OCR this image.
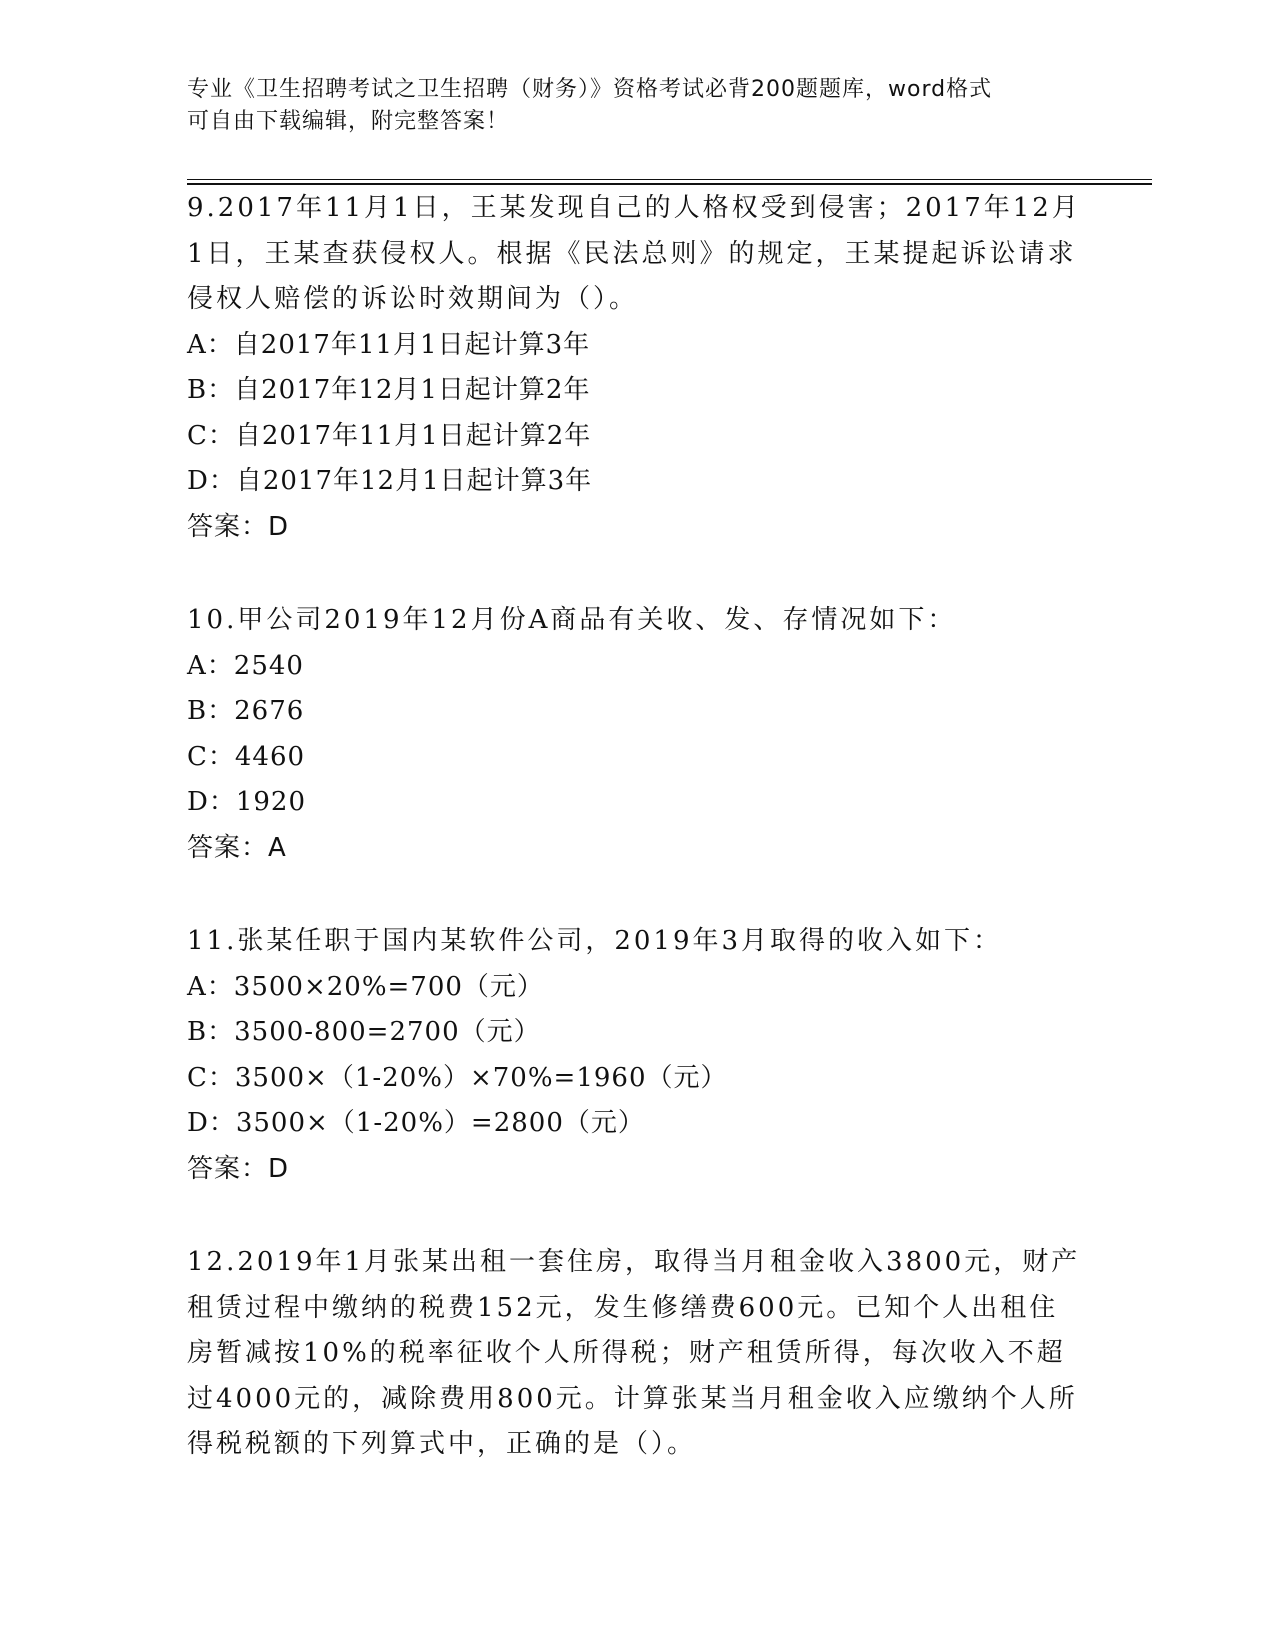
专业《卫生招聘考试之卫生招聘（财务）》资格考试必背200题题库，word格式
可自由下载编辑，附完整答案！
9.2017年11月1日，王某发现自己的人格权受到侵害；2017年12月1日，王某查获侵权人。根据《民法总则》的规定，王某提起诉讼请求侵权人赔偿的诉讼时效期间为（）。
A：自2017年11月1日起计算3年
B：自2017年12月1日起计算2年
C：自2017年11月1日起计算2年
D：自2017年12月1日起计算3年
答案：D
10.甲公司2019年12月份A商品有关收、发、存情况如下：
A：2540
B：2676
C：4460
D：1920
答案：A
11.张某任职于国内某软件公司，2019年3月取得的收入如下：
A：3500×20%=700（元）
B：3500-800=2700（元）
C：3500×（1-20%）×70%=1960（元）
D：3500×（1-20%）=2800（元）
答案：D
12.2019年1月张某出租一套住房，取得当月租金收入3800元，财产租赁过程中缴纳的税费152元，发生修缮费600元。已知个人出租住房暂减按10%的税率征收个人所得税；财产租赁所得，每次收入不超过4000元的，减除费用800元。计算张某当月租金收入应缴纳个人所得税税额的下列算式中，正确的是（）。
